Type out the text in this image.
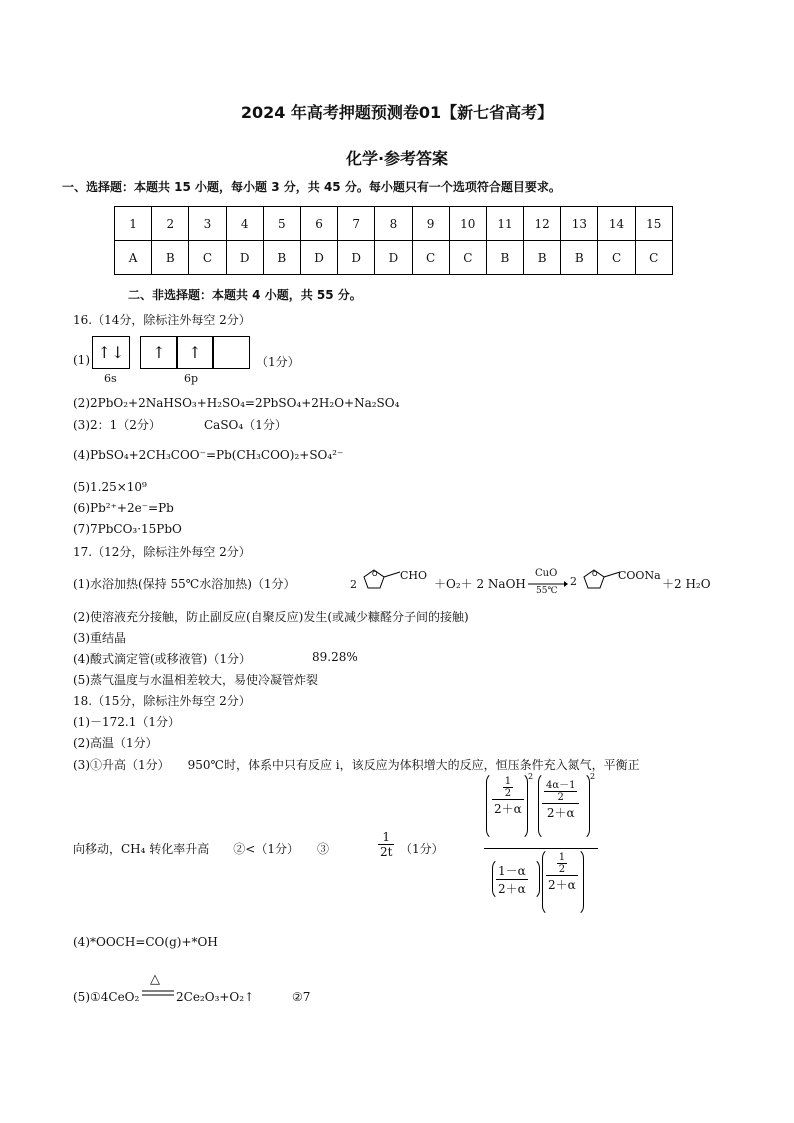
2024 年高考押题预测卷01【新七省高考】
化学·参考答案
一、选择题：本题共 15 小题，每小题 3 分，共 45 分。每小题只有一个选项符合题目要求。
1	2	3	4	5	6	7	8	9	10	11	12	13	14	15
A	B	C	D	B	D	D	D	C	C	B	B	B	C	C
二、非选择题：本题共 4 小题，共 55 分。
16.（14分，除标注外每空 2分）
(1) ↑↓	↑	↑
6s	6p
（1分）
(2)2PbO₂+2NaHSO₃+H₂SO₄=2PbSO₄+2H₂O+Na₂SO₄
(3)2：1（2分）	CaSO₄（1分）
(4)PbSO₄+2CH₃COO⁻=Pb(CH₃COO)₂+SO₄²⁻
(5)1.25×10⁹
(6)Pb²⁺+2e⁻=Pb
(7)7PbCO₃·15PbO
17.（12分，除标注外每空 2分）
(1)水浴加热(保持 55℃水浴加热)（1分）	2
O CHO
＋O₂＋ 2 NaOH
CuO
55℃
2
O COONa
＋2 H₂O
(2)使溶液充分接触，防止副反应(自聚反应)发生(或减少糠醛分子间的接触)
(3)重结晶
(4)酸式滴定管(或移液管)（1分）	89.28%
(5)蒸气温度与水温相差较大，易使冷凝管炸裂
18.（15分，除标注外每空 2分）
(1)－172.1（1分）
(2)高温（1分）
(3)①升高（1分）　　950℃时，体系中只有反应 i，该反应为体积增大的反应，恒压条件充入氮气，平衡正
向移动，CH₄ 转化率升高　　②<（1分）　　③	$\frac{1}{2t} (1$分）
$\frac{\frac{1}{2}}{2+\alpha} 2 \frac{\frac{4\alpha-1}{2}}{2+\alpha} 2$
$\frac{1-\alpha}{2+\alpha} \frac{\frac{1}{2}}{2+\alpha}$
(4)*OOCH=CO(g)+*OH
(5)①4CeO₂
△
2Ce₂O₃+O₂↑	②7
